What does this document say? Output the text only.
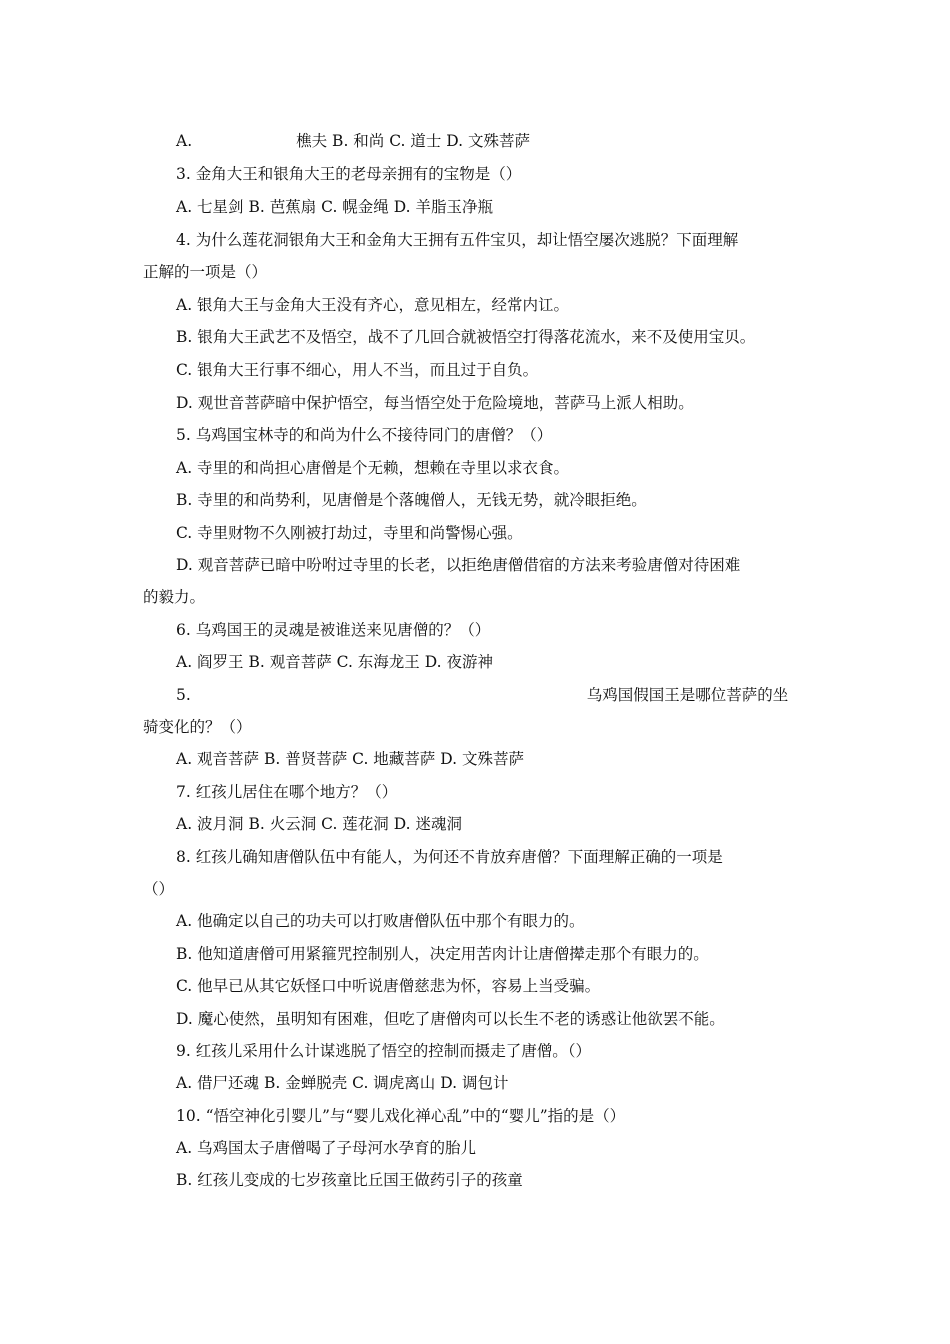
A.	樵夫 B. 和尚 C. 道士 D. 文殊菩萨
3. 金角大王和银角大王的老母亲拥有的宝物是（）
A. 七星剑 B. 芭蕉扇 C. 幌金绳 D. 羊脂玉净瓶
4. 为什么莲花洞银角大王和金角大王拥有五件宝贝，却让悟空屡次逃脱？下面理解
正解的一项是（）
A. 银角大王与金角大王没有齐心，意见相左，经常内讧。
B. 银角大王武艺不及悟空，战不了几回合就被悟空打得落花流水，来不及使用宝贝。
C. 银角大王行事不细心，用人不当，而且过于自负。
D. 观世音菩萨暗中保护悟空，每当悟空处于危险境地，菩萨马上派人相助。
5. 乌鸡国宝林寺的和尚为什么不接待同门的唐僧？（）
A. 寺里的和尚担心唐僧是个无赖，想赖在寺里以求衣食。
B. 寺里的和尚势利，见唐僧是个落魄僧人，无钱无势，就冷眼拒绝。
C. 寺里财物不久刚被打劫过，寺里和尚警惕心强。
D. 观音菩萨已暗中吩咐过寺里的长老，以拒绝唐僧借宿的方法来考验唐僧对待困难
的毅力。
6. 乌鸡国王的灵魂是被谁送来见唐僧的？（）
A. 阎罗王 B. 观音菩萨 C. 东海龙王 D. 夜游神
5.	乌鸡国假国王是哪位菩萨的坐
骑变化的？（）
A. 观音菩萨 B. 普贤菩萨 C. 地藏菩萨 D. 文殊菩萨
7. 红孩儿居住在哪个地方？（）
A. 波月洞 B. 火云洞 C. 莲花洞 D. 迷魂洞
8. 红孩儿确知唐僧队伍中有能人，为何还不肯放弃唐僧？下面理解正确的一项是
（）
A. 他确定以自己的功夫可以打败唐僧队伍中那个有眼力的。
B. 他知道唐僧可用紧箍咒控制别人，决定用苦肉计让唐僧撵走那个有眼力的。
C. 他早已从其它妖怪口中听说唐僧慈悲为怀，容易上当受骗。
D. 魔心使然，虽明知有困难，但吃了唐僧肉可以长生不老的诱惑让他欲罢不能。
9. 红孩儿采用什么计谋逃脱了悟空的控制而摄走了唐僧。（）
A. 借尸还魂 B. 金蝉脱壳 C. 调虎离山 D. 调包计
10. “悟空神化引婴儿”与“婴儿戏化禅心乱”中的“婴儿”指的是（）
A. 乌鸡国太子唐僧喝了子母河水孕育的胎儿
B. 红孩儿变成的七岁孩童比丘国王做药引子的孩童
